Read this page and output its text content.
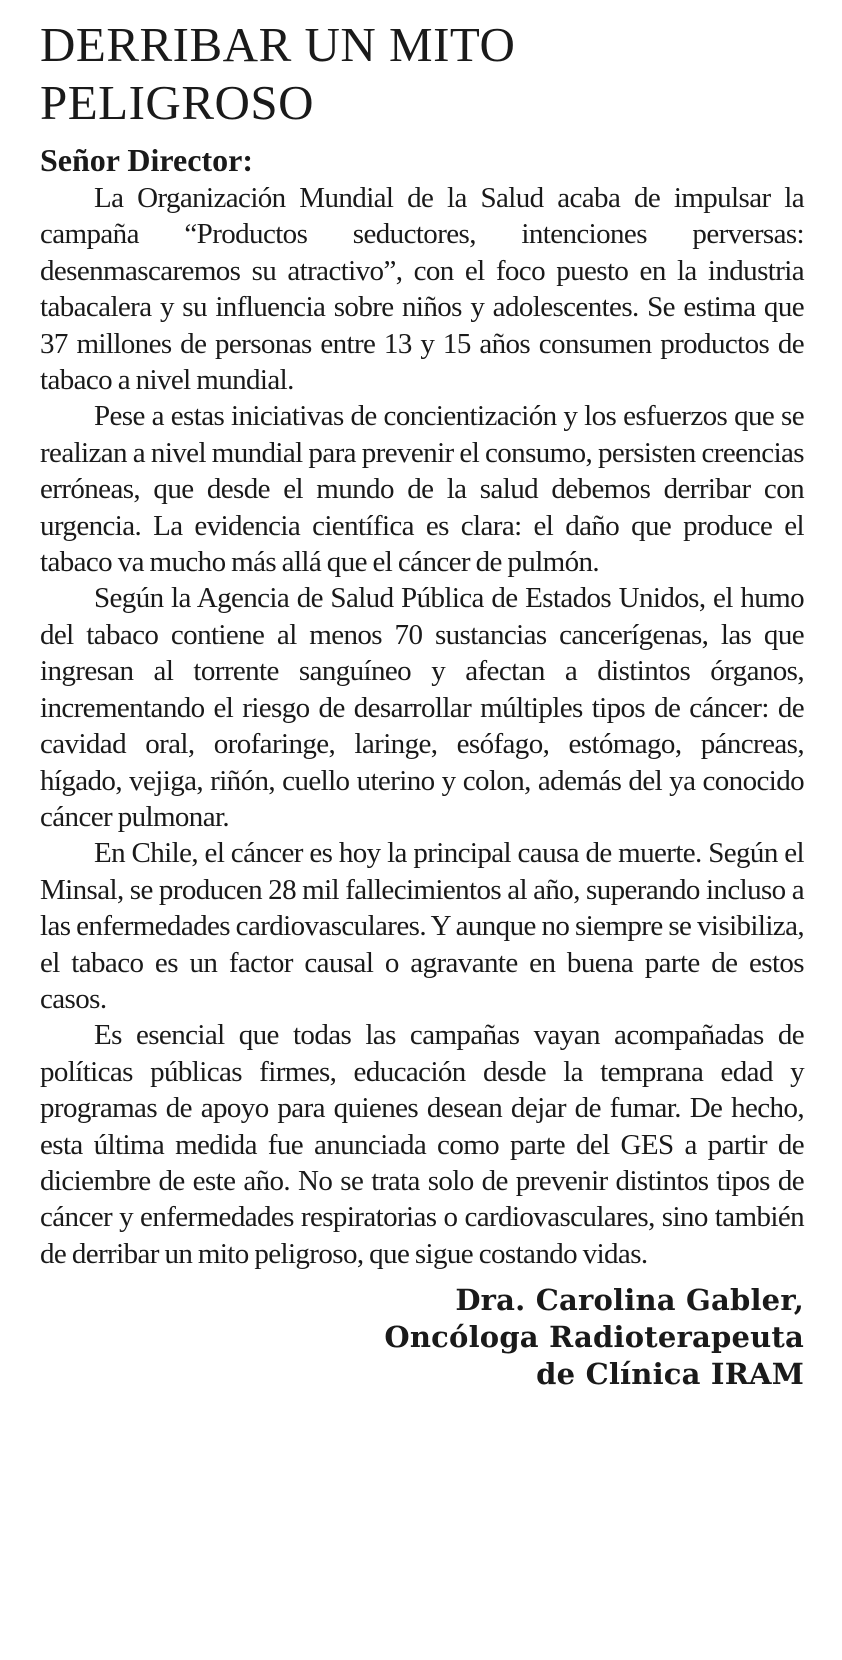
DERRIBAR UN MITO
PELIGROSO
Señor Director:

La Organización Mundial de la Salud acaba de impulsar la campaña “Productos seductores, intenciones perversas: desenmascaremos su atractivo”, con el foco puesto en la industria tabacalera y su influencia sobre niños y adolescentes. Se estima que 37 millones de personas entre 13 y 15 años consumen productos de tabaco a nivel mundial.

Pese a estas iniciativas de concientización y los esfuerzos que se realizan a nivel mundial para prevenir el consumo, persisten creencias erróneas, que desde el mundo de la salud debemos derribar con urgencia. La evidencia científica es clara: el daño que produce el tabaco va mucho más allá que el cáncer de pulmón.

Según la Agencia de Salud Pública de Estados Unidos, el humo del tabaco contiene al menos 70 sustancias cancerígenas, las que ingresan al torrente sanguíneo y afectan a distintos órganos, incrementando el riesgo de desarrollar múltiples tipos de cáncer: de cavidad oral, orofaringe, laringe, esófago, estómago, páncreas, hígado, vejiga, riñón, cuello uterino y colon, además del ya conocido cáncer pulmonar.

En Chile, el cáncer es hoy la principal causa de muerte. Según el Minsal, se producen 28 mil fallecimientos al año, superando incluso a las enfermedades cardiovasculares. Y aunque no siempre se visibiliza, el tabaco es un factor causal o agravante en buena parte de estos casos.

Es esencial que todas las campañas vayan acompañadas de políticas públicas firmes, educación desde la temprana edad y programas de apoyo para quienes desean dejar de fumar. De hecho, esta última medida fue anunciada como parte del GES a partir de diciembre de este año. No se trata solo de prevenir distintos tipos de cáncer y enfermedades respiratorias o cardiovasculares, sino también de derribar un mito peligroso, que sigue costando vidas.

Dra. Carolina Gabler,
Oncóloga Radioterapeuta
de Clínica IRAM
